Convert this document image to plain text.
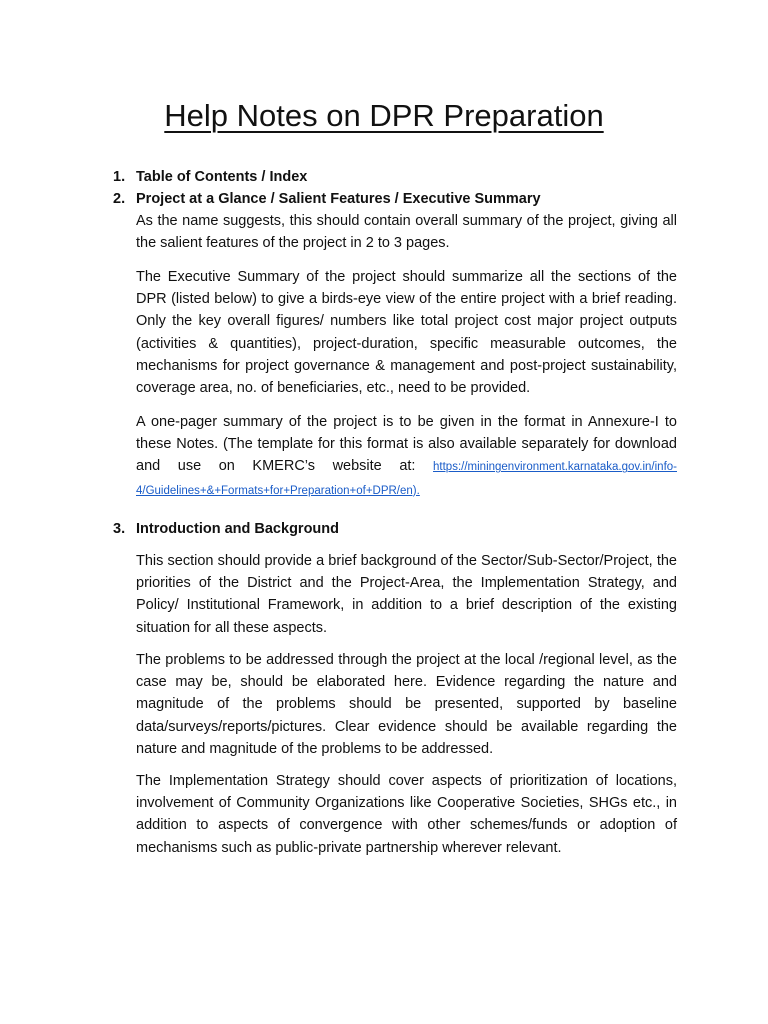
Help Notes on DPR Preparation
1. Table of Contents / Index
2. Project at a Glance / Salient Features / Executive Summary

As the name suggests, this should contain overall summary of the project, giving all the salient features of the project in 2 to 3 pages.

The Executive Summary of the project should summarize all the sections of the DPR (listed below) to give a birds-eye view of the entire project with a brief reading. Only the key overall figures/ numbers like total project cost major project outputs (activities & quantities), project-duration, specific measurable outcomes, the mechanisms for project governance & management and post-project sustainability, coverage area, no. of beneficiaries, etc., need to be provided.

A one-pager summary of the project is to be given in the format in Annexure-I to these Notes. (The template for this format is also available separately for download and use on KMERC’s website at: https://miningenvironment.karnataka.gov.in/info-4/Guidelines+&+Formats+for+Preparation+of+DPR/en).

3. Introduction and Background

This section should provide a brief background of the Sector/Sub-Sector/Project, the priorities of the District and the Project-Area, the Implementation Strategy, and Policy/ Institutional Framework, in addition to a brief description of the existing situation for all these aspects.

The problems to be addressed through the project at the local /regional level, as the case may be, should be elaborated here. Evidence regarding the nature and magnitude of the problems should be presented, supported by baseline data/surveys/reports/pictures. Clear evidence should be available regarding the nature and magnitude of the problems to be addressed.

The Implementation Strategy should cover aspects of prioritization of locations, involvement of Community Organizations like Cooperative Societies, SHGs etc., in addition to aspects of convergence with other schemes/funds or adoption of mechanisms such as public-private partnership wherever relevant.
